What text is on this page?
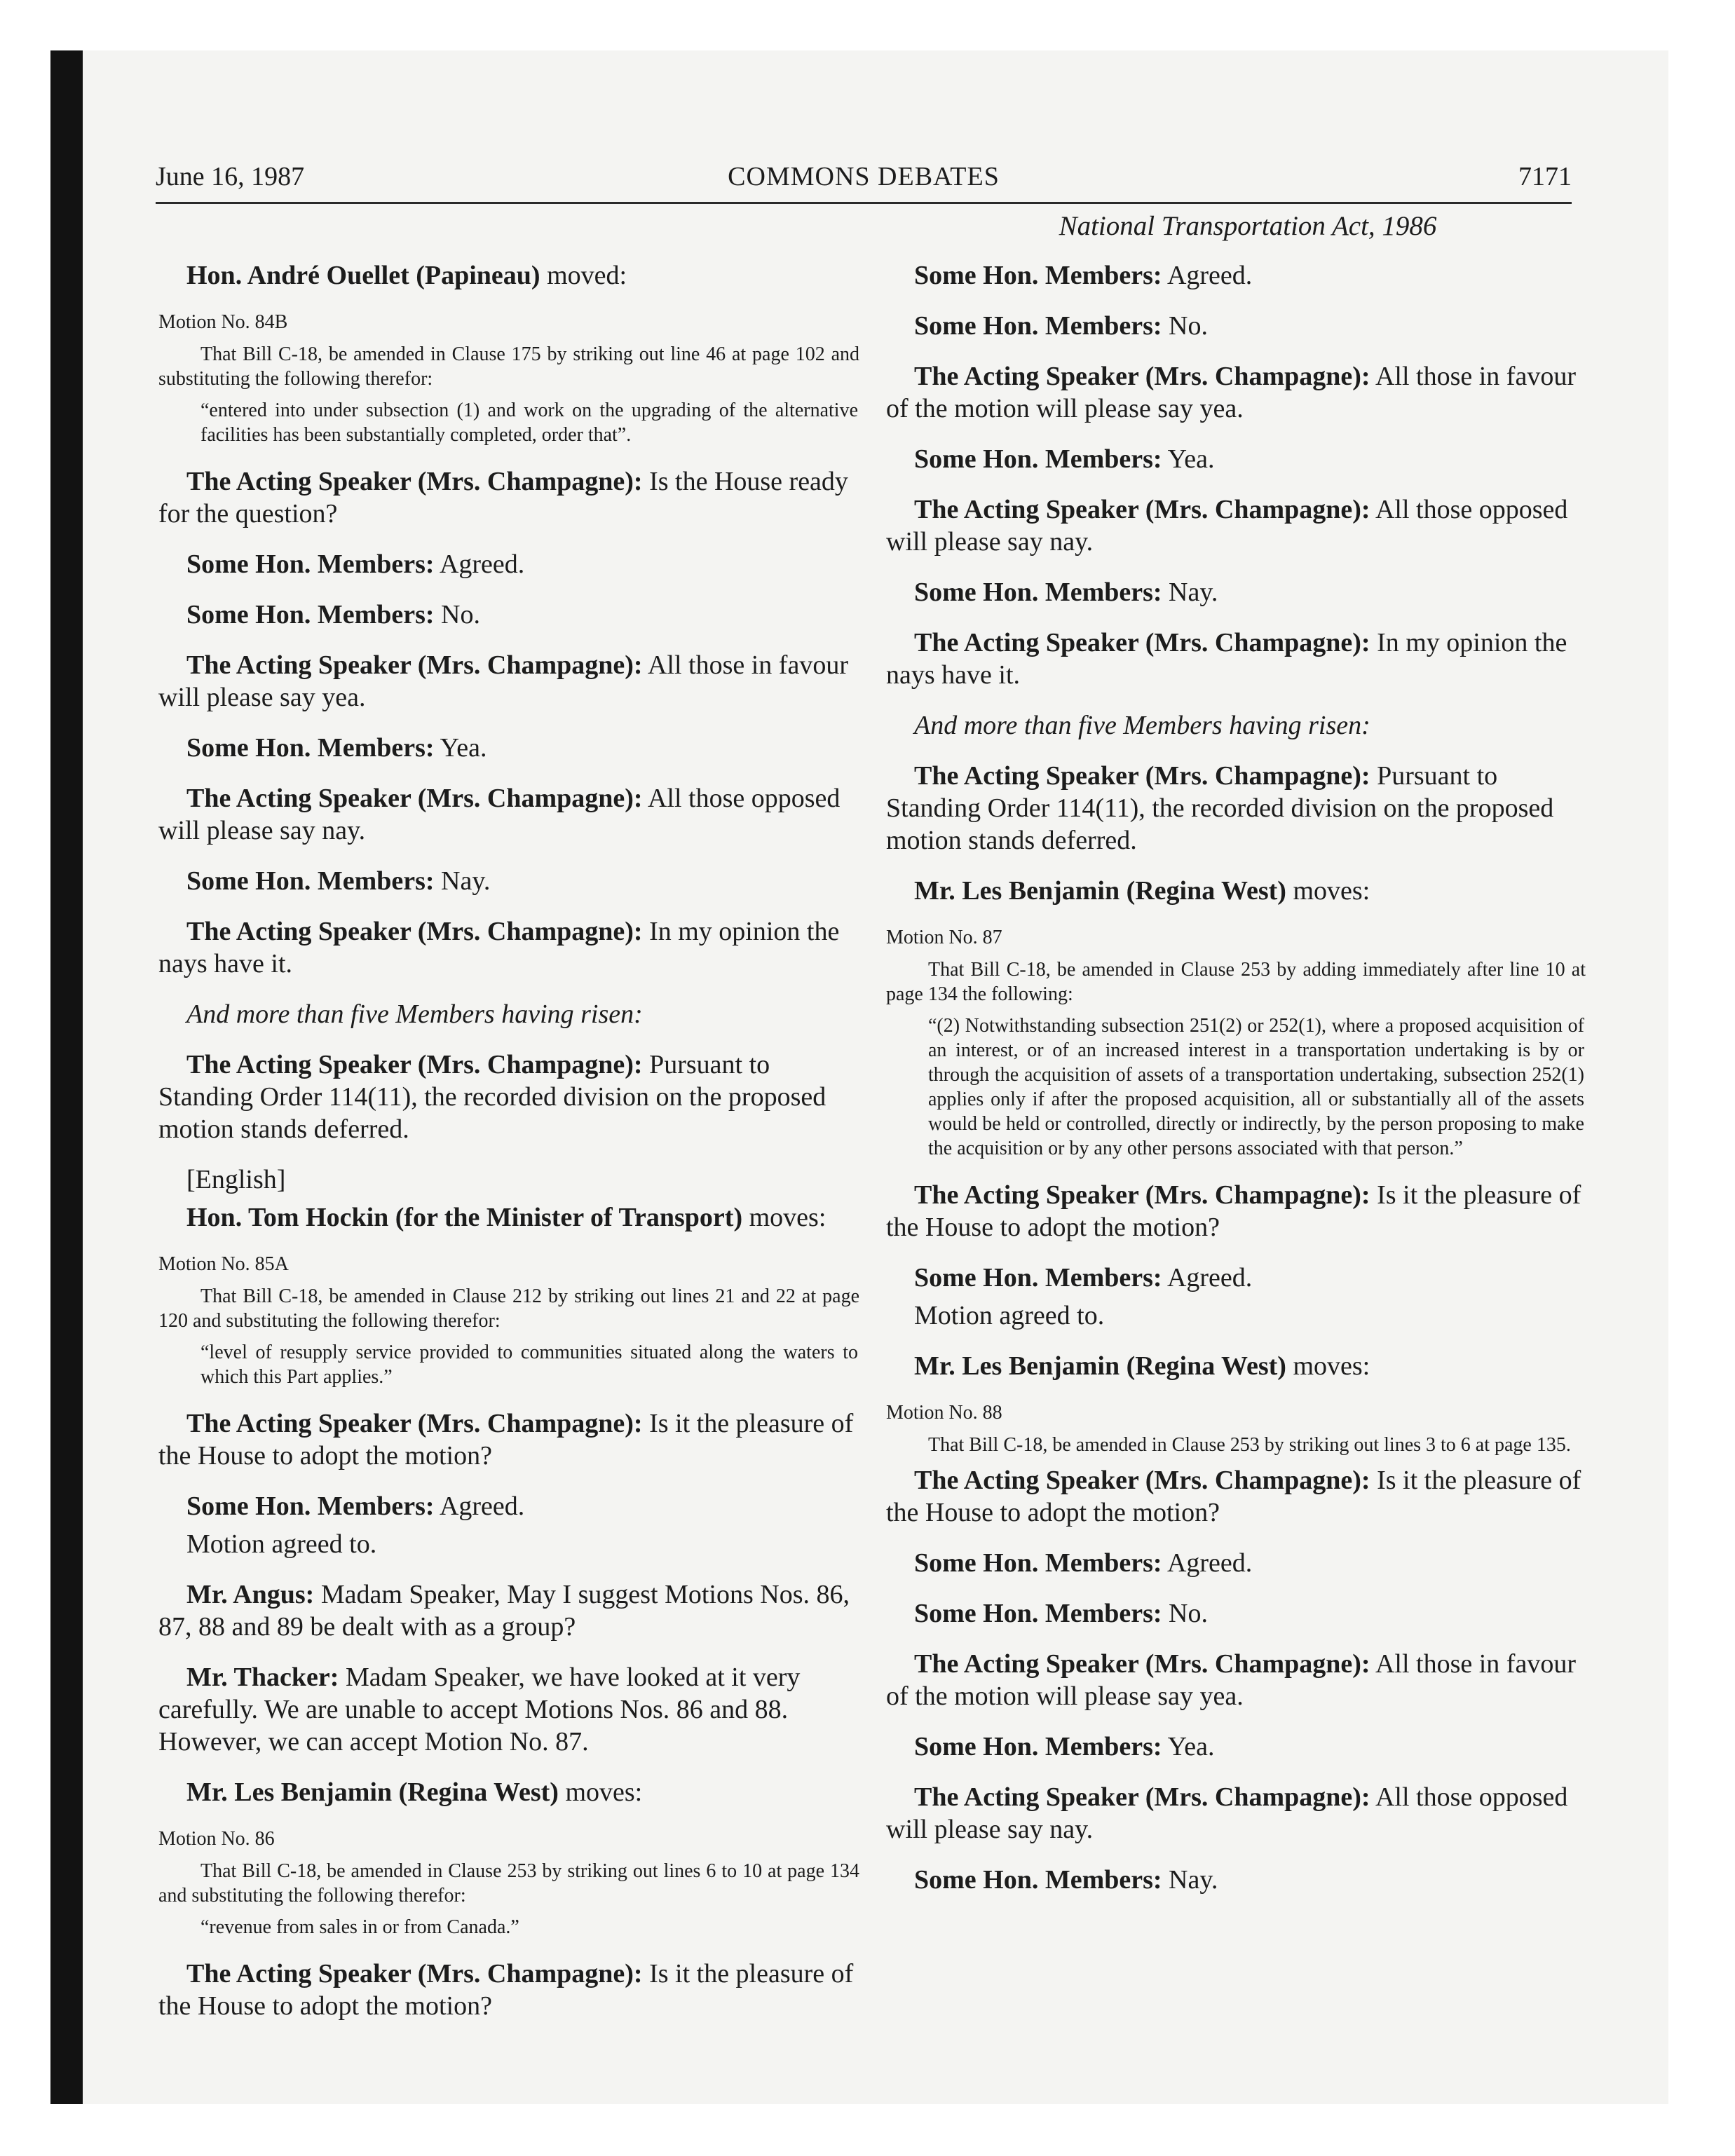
June 16, 1987	COMMONS DEBATES	7171
National Transportation Act, 1986

Hon. André Ouellet (Papineau) moved:

Motion No. 84B
That Bill C-18, be amended in Clause 175 by striking out line 46 at page 102 and substituting the following therefor:
“entered into under subsection (1) and work on the upgrading of the alternative facilities has been substantially completed, order that”.

The Acting Speaker (Mrs. Champagne): Is the House ready for the question?

Some Hon. Members: Agreed.

Some Hon. Members: No.

The Acting Speaker (Mrs. Champagne): All those in favour will please say yea.

Some Hon. Members: Yea.

The Acting Speaker (Mrs. Champagne): All those opposed will please say nay.

Some Hon. Members: Nay.

The Acting Speaker (Mrs. Champagne): In my opinion the nays have it.

And more than five Members having risen:

The Acting Speaker (Mrs. Champagne): Pursuant to Standing Order 114(11), the recorded division on the proposed motion stands deferred.

[English]

Hon. Tom Hockin (for the Minister of Transport) moves:

Motion No. 85A
That Bill C-18, be amended in Clause 212 by striking out lines 21 and 22 at page 120 and substituting the following therefor:
“level of resupply service provided to communities situated along the waters to which this Part applies.”

The Acting Speaker (Mrs. Champagne): Is it the pleasure of the House to adopt the motion?

Some Hon. Members: Agreed.

Motion agreed to.

Mr. Angus: Madam Speaker, May I suggest Motions Nos. 86, 87, 88 and 89 be dealt with as a group?

Mr. Thacker: Madam Speaker, we have looked at it very carefully. We are unable to accept Motions Nos. 86 and 88. However, we can accept Motion No. 87.

Mr. Les Benjamin (Regina West) moves:

Motion No. 86
That Bill C-18, be amended in Clause 253 by striking out lines 6 to 10 at page 134 and substituting the following therefor:
“revenue from sales in or from Canada.”

The Acting Speaker (Mrs. Champagne): Is it the pleasure of the House to adopt the motion?

Some Hon. Members: Agreed.

Some Hon. Members: No.

The Acting Speaker (Mrs. Champagne): All those in favour of the motion will please say yea.

Some Hon. Members: Yea.

The Acting Speaker (Mrs. Champagne): All those opposed will please say nay.

Some Hon. Members: Nay.

The Acting Speaker (Mrs. Champagne): In my opinion the nays have it.

And more than five Members having risen:

The Acting Speaker (Mrs. Champagne): Pursuant to Standing Order 114(11), the recorded division on the proposed motion stands deferred.

Mr. Les Benjamin (Regina West) moves:

Motion No. 87
That Bill C-18, be amended in Clause 253 by adding immediately after line 10 at page 134 the following:
“(2) Notwithstanding subsection 251(2) or 252(1), where a proposed acquisition of an interest, or of an increased interest in a transportation undertaking is by or through the acquisition of assets of a transportation undertaking, subsection 252(1) applies only if after the proposed acquisition, all or substantially all of the assets would be held or controlled, directly or indirectly, by the person proposing to make the acquisition or by any other persons associated with that person.”

The Acting Speaker (Mrs. Champagne): Is it the pleasure of the House to adopt the motion?

Some Hon. Members: Agreed.

Motion agreed to.

Mr. Les Benjamin (Regina West) moves:

Motion No. 88
That Bill C-18, be amended in Clause 253 by striking out lines 3 to 6 at page 135.

The Acting Speaker (Mrs. Champagne): Is it the pleasure of the House to adopt the motion?

Some Hon. Members: Agreed.

Some Hon. Members: No.

The Acting Speaker (Mrs. Champagne): All those in favour of the motion will please say yea.

Some Hon. Members: Yea.

The Acting Speaker (Mrs. Champagne): All those opposed will please say nay.

Some Hon. Members: Nay.
